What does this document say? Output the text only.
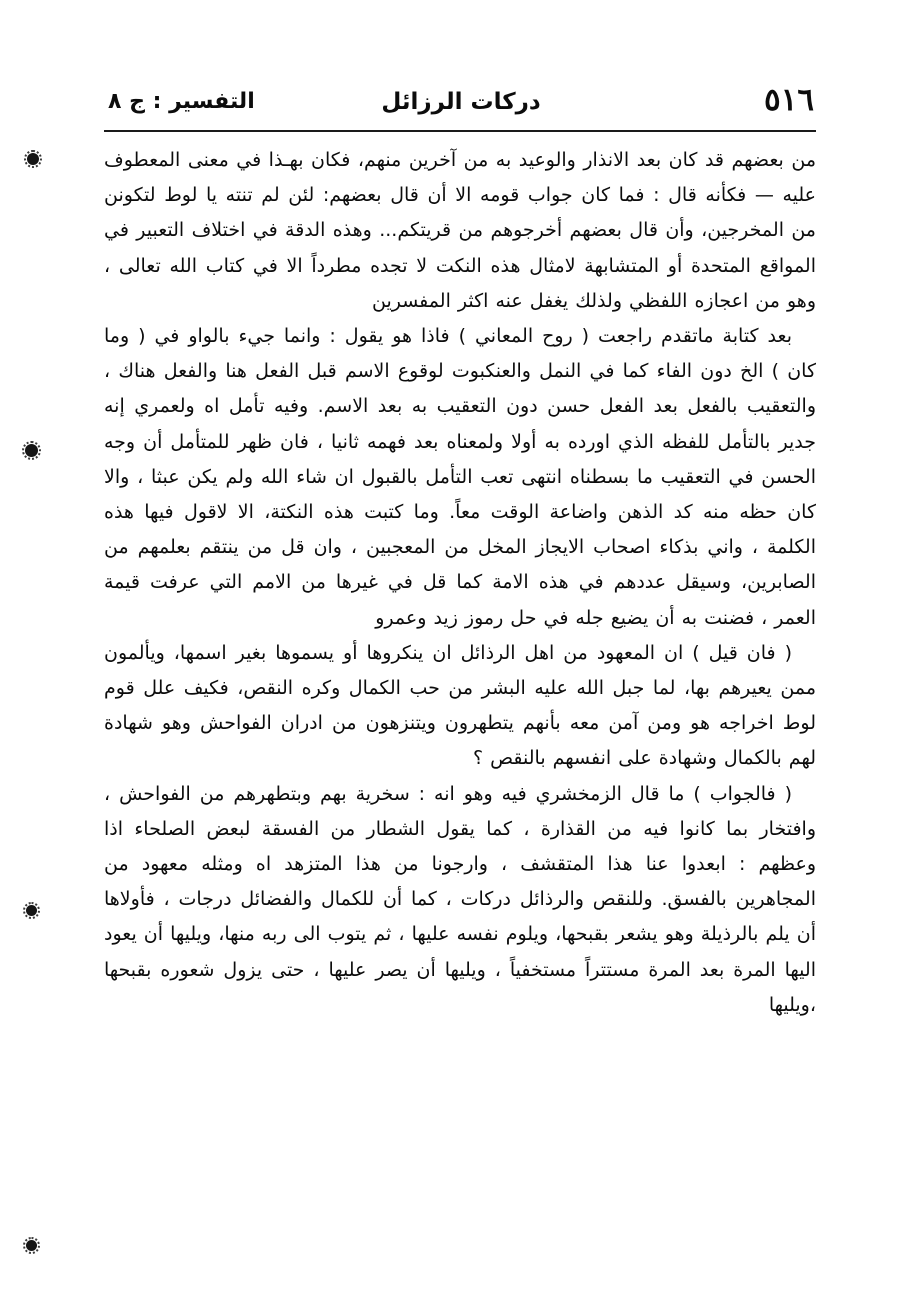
٥١٦
دركات الرزائل
التفسير : ج ٨

من بعضهم قد كان بعد الانذار والوعيد به من آخرين منهم، فكان بهـذا في معنى المعطوف عليه — فكأنه قال : فما كان جواب قومه الا أن قال بعضهم: لئن لم تنته يا لوط لتكونن من المخرجين، وأن قال بعضهم أخرجوهم من قريتكم... وهذه الدقة في اختلاف التعبير في المواقع المتحدة أو المتشابهة لامثال هذه النكت لا تجده مطرداً الا في كتاب الله تعالى ، وهو من اعجازه اللفظي ولذلك يغفل عنه اكثر المفسرين

بعد كتابة ماتقدم راجعت ( روح المعاني ) فاذا هو يقول : وانما جيء بالواو في ( وما كان ) الخ دون الفاء كما في النمل والعنكبوت لوقوع الاسم قبل الفعل هنا والفعل هناك ، والتعقيب بالفعل بعد الفعل حسن دون التعقيب به بعد الاسم. وفيه تأمل اه ولعمري إنه جدير بالتأمل للفظه الذي اورده به أولا ولمعناه بعد فهمه ثانيا ، فان ظهر للمتأمل أن وجه الحسن في التعقيب ما بسطناه انتهى تعب التأمل بالقبول ان شاء الله ولم يكن عبثا ، والا كان حظه منه كد الذهن واضاعة الوقت معاً. وما كتبت هذه النكتة، الا لاقول فيها هذه الكلمة ، واني بذكاء اصحاب الايجاز المخل من المعجبين ، وان قل من ينتقم بعلمهم من الصابرين، وسيقل عددهم في هذه الامة كما قل في غيرها من الامم التي عرفت قيمة العمر ، فضنت به أن يضيع جله في حل رموز زيد وعمرو

( فان قيل ) ان المعهود من اهل الرذائل ان ينكروها أو يسموها بغير اسمها، ويألمون ممن يعيرهم بها، لما جبل الله عليه البشر من حب الكمال وكره النقص، فكيف علل قوم لوط اخراجه هو ومن آمن معه بأنهم يتطهرون ويتنزهون من ادران الفواحش وهو شهادة لهم بالكمال وشهادة على انفسهم بالنقص ؟

( فالجواب ) ما قال الزمخشري فيه وهو انه : سخرية بهم وبتطهرهم من الفواحش ، وافتخار بما كانوا فيه من القذارة ، كما يقول الشطار من الفسقة لبعض الصلحاء اذا وعظهم : ابعدوا عنا هذا المتقشف ، وارجونا من هذا المتزهد اه ومثله معهود من المجاهرين بالفسق. وللنقص والرذائل دركات ، كما أن للكمال والفضائل درجات ، فأولاها أن يلم بالرذيلة وهو يشعر بقبحها، ويلوم نفسه عليها ، ثم يتوب الى ربه منها، ويليها أن يعود اليها المرة بعد المرة مستتراً مستخفياً ، ويليها أن يصر عليها ، حتى يزول شعوره بقبحها ،ويليها
